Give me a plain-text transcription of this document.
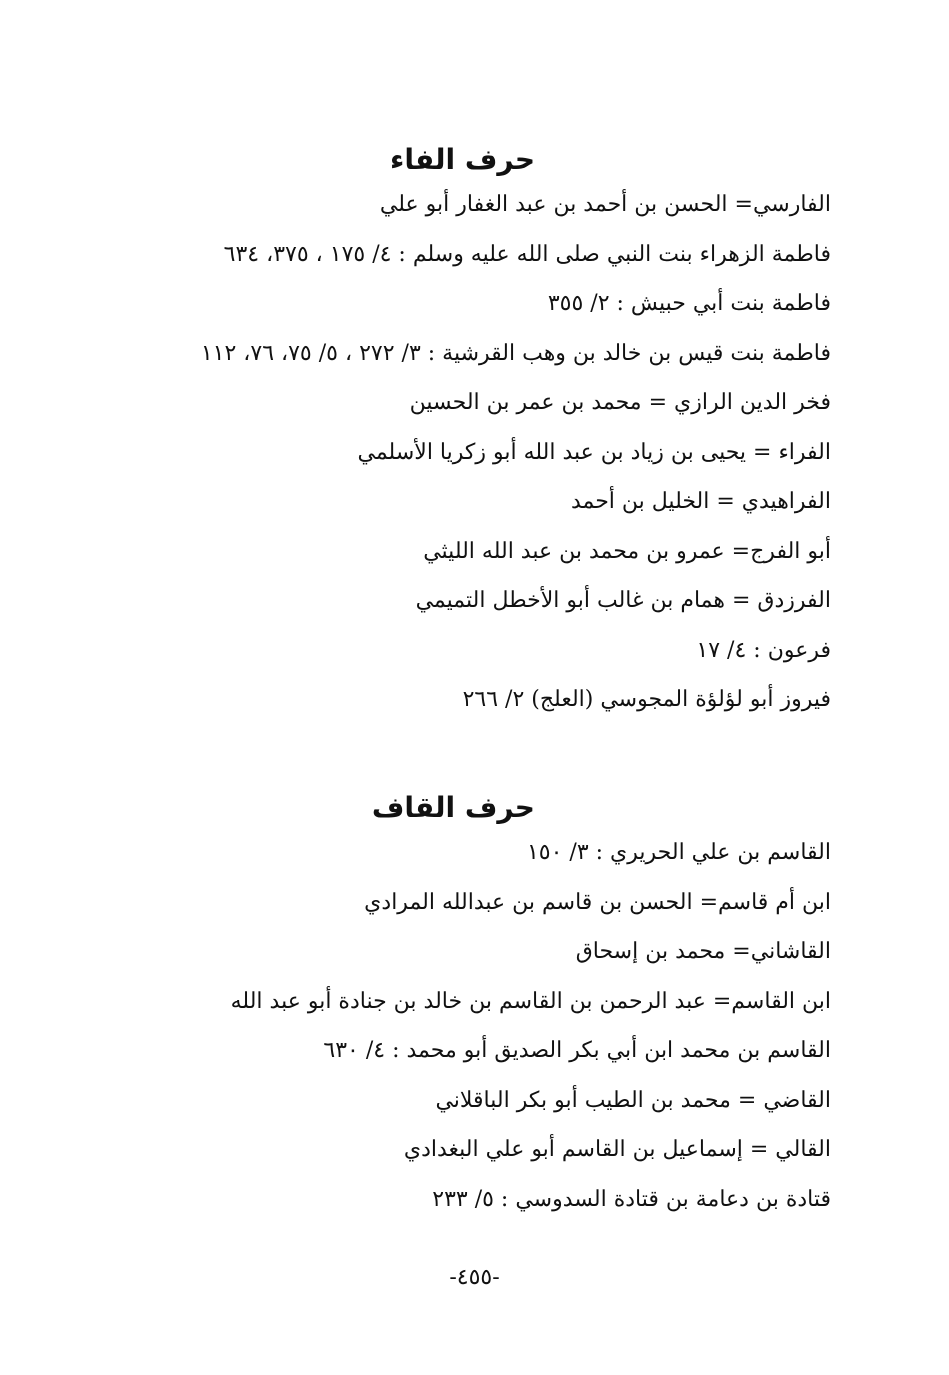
حرف الفاء
الفارسي= الحسن بن أحمد بن عبد الغفار أبو علي
فاطمة الزهراء بنت النبي صلى الله عليه وسلم : ٤/ ١٧٥ ، ٣٧٥، ٦٣٤
فاطمة بنت أبي حبيش : ٢/ ٣٥٥
فاطمة بنت قيس بن خالد بن وهب القرشية : ٣/ ٢٧٢ ، ٥/ ٧٥، ٧٦، ١١٢
فخر الدين الرازي = محمد بن عمر بن الحسين
الفراء = يحيى بن زياد بن عبد الله أبو زكريا الأسلمي
الفراهيدي = الخليل بن أحمد
أبو الفرج= عمرو بن محمد بن عبد الله الليثي
الفرزدق = همام بن غالب أبو الأخطل التميمي
فرعون : ٤/ ١٧
فيروز أبو لؤلؤة المجوسي (العلج) ٢/ ٢٦٦
حرف القاف
القاسم بن علي الحريري : ٣/ ١٥٠
ابن أم قاسم= الحسن بن قاسم بن عبدالله المرادي
القاشاني= محمد بن إسحاق
ابن القاسم= عبد الرحمن بن القاسم بن خالد بن جنادة أبو عبد الله
القاسم بن محمد ابن أبي بكر الصديق أبو محمد : ٤/ ٦٣٠
القاضي = محمد بن الطيب أبو بكر الباقلاني
القالي = إسماعيل بن القاسم أبو علي البغدادي
قتادة بن دعامة بن قتادة السدوسي : ٥/ ٢٣٣
-٤٥٥-
